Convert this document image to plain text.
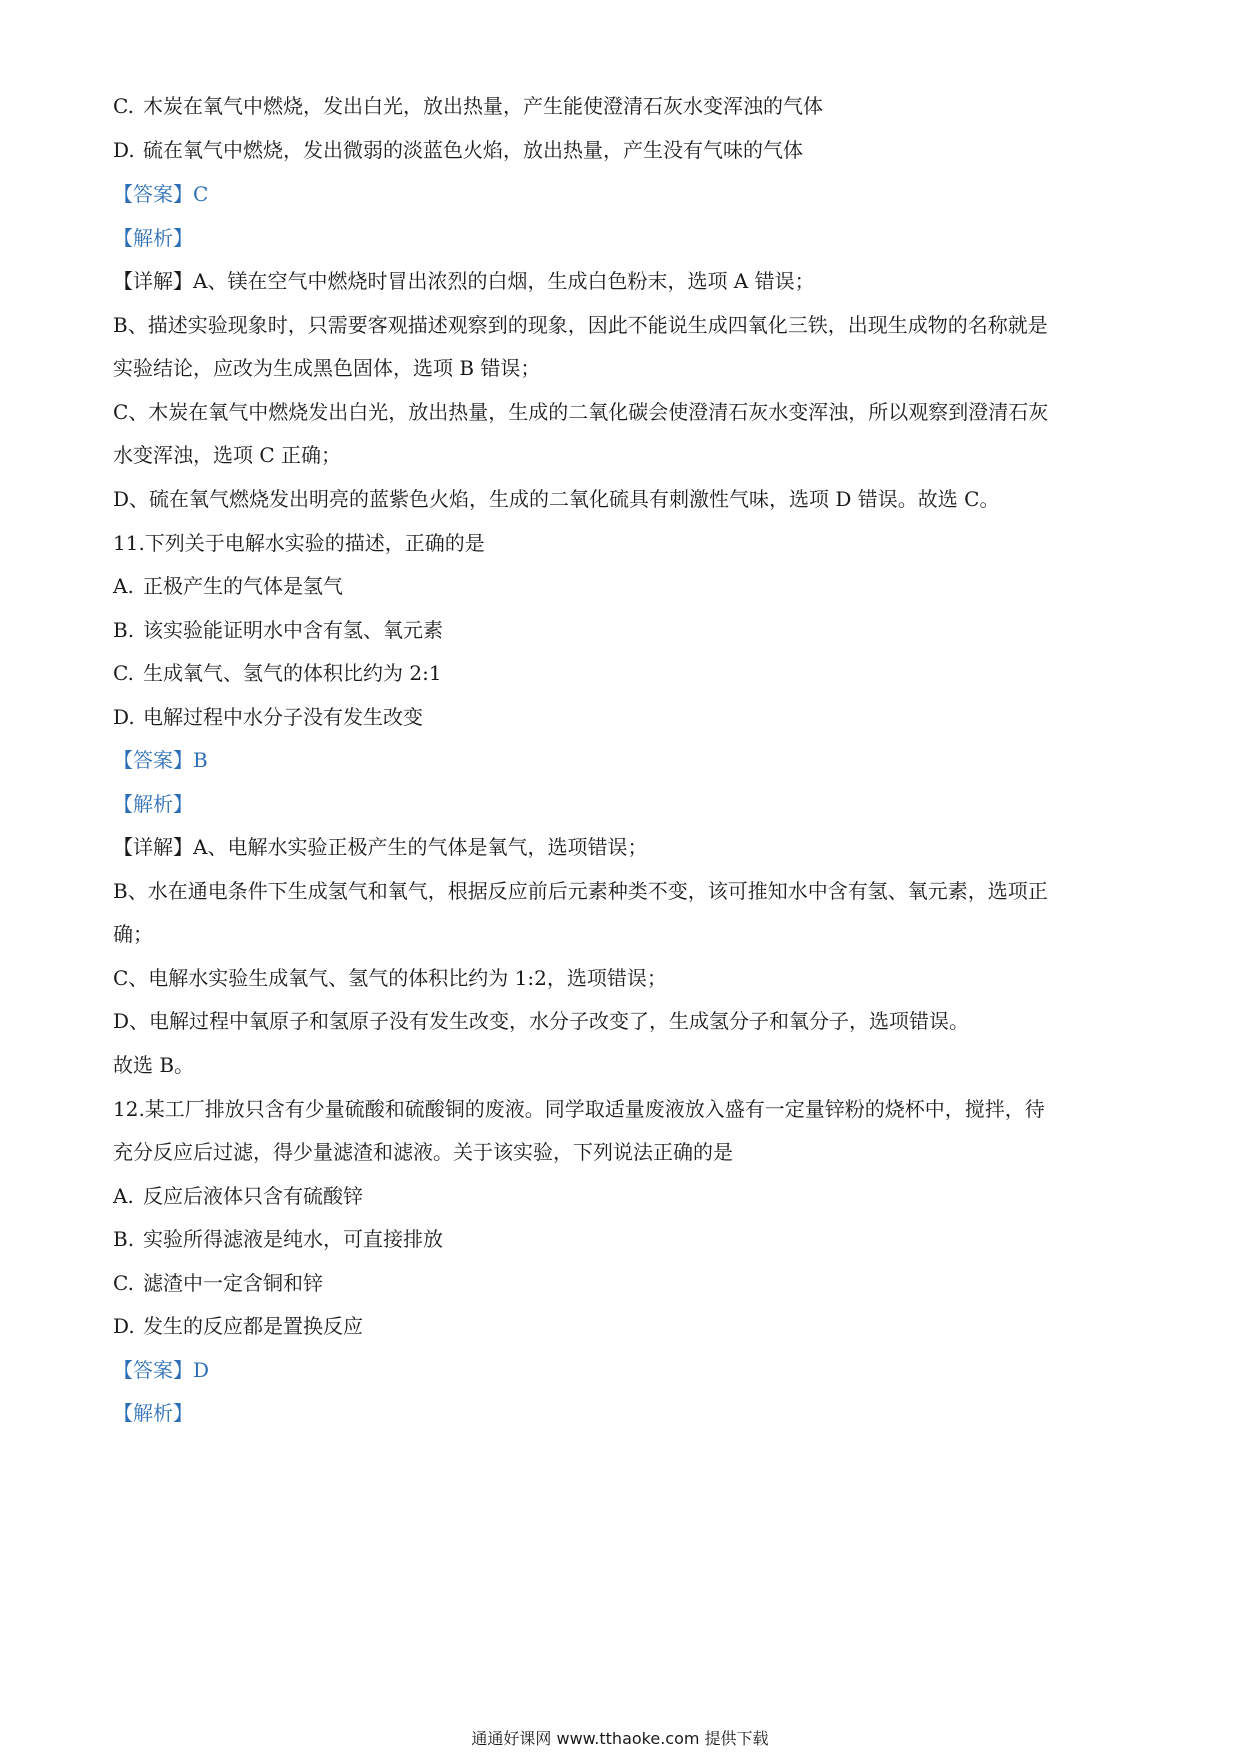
C. 木炭在氧气中燃烧，发出白光，放出热量，产生能使澄清石灰水变浑浊的气体
D. 硫在氧气中燃烧，发出微弱的淡蓝色火焰，放出热量，产生没有气味的气体
【答案】C
【解析】
【详解】A、镁在空气中燃烧时冒出浓烈的白烟，生成白色粉末，选项 A 错误；
B、描述实验现象时，只需要客观描述观察到的现象，因此不能说生成四氧化三铁，出现生成物的名称就是
实验结论，应改为生成黑色固体，选项 B 错误；
C、木炭在氧气中燃烧发出白光，放出热量，生成的二氧化碳会使澄清石灰水变浑浊，所以观察到澄清石灰
水变浑浊，选项 C 正确；
D、硫在氧气燃烧发出明亮的蓝紫色火焰，生成的二氧化硫具有刺激性气味，选项 D 错误。故选 C。
11.下列关于电解水实验的描述，正确的是
A. 正极产生的气体是氢气
B. 该实验能证明水中含有氢、氧元素
C. 生成氧气、氢气的体积比约为 2:1
D. 电解过程中水分子没有发生改变
【答案】B
【解析】
【详解】A、电解水实验正极产生的气体是氧气，选项错误；
B、水在通电条件下生成氢气和氧气，根据反应前后元素种类不变，该可推知水中含有氢、氧元素，选项正
确；
C、电解水实验生成氧气、氢气的体积比约为 1:2，选项错误；
D、电解过程中氧原子和氢原子没有发生改变，水分子改变了，生成氢分子和氧分子，选项错误。
故选 B。
12.某工厂排放只含有少量硫酸和硫酸铜的废液。同学取适量废液放入盛有一定量锌粉的烧杯中，搅拌，待
充分反应后过滤，得少量滤渣和滤液。关于该实验，下列说法正确的是
A. 反应后液体只含有硫酸锌
B. 实验所得滤液是纯水，可直接排放
C. 滤渣中一定含铜和锌
D. 发生的反应都是置换反应
【答案】D
【解析】
通通好课网 www.tthaoke.com 提供下载
